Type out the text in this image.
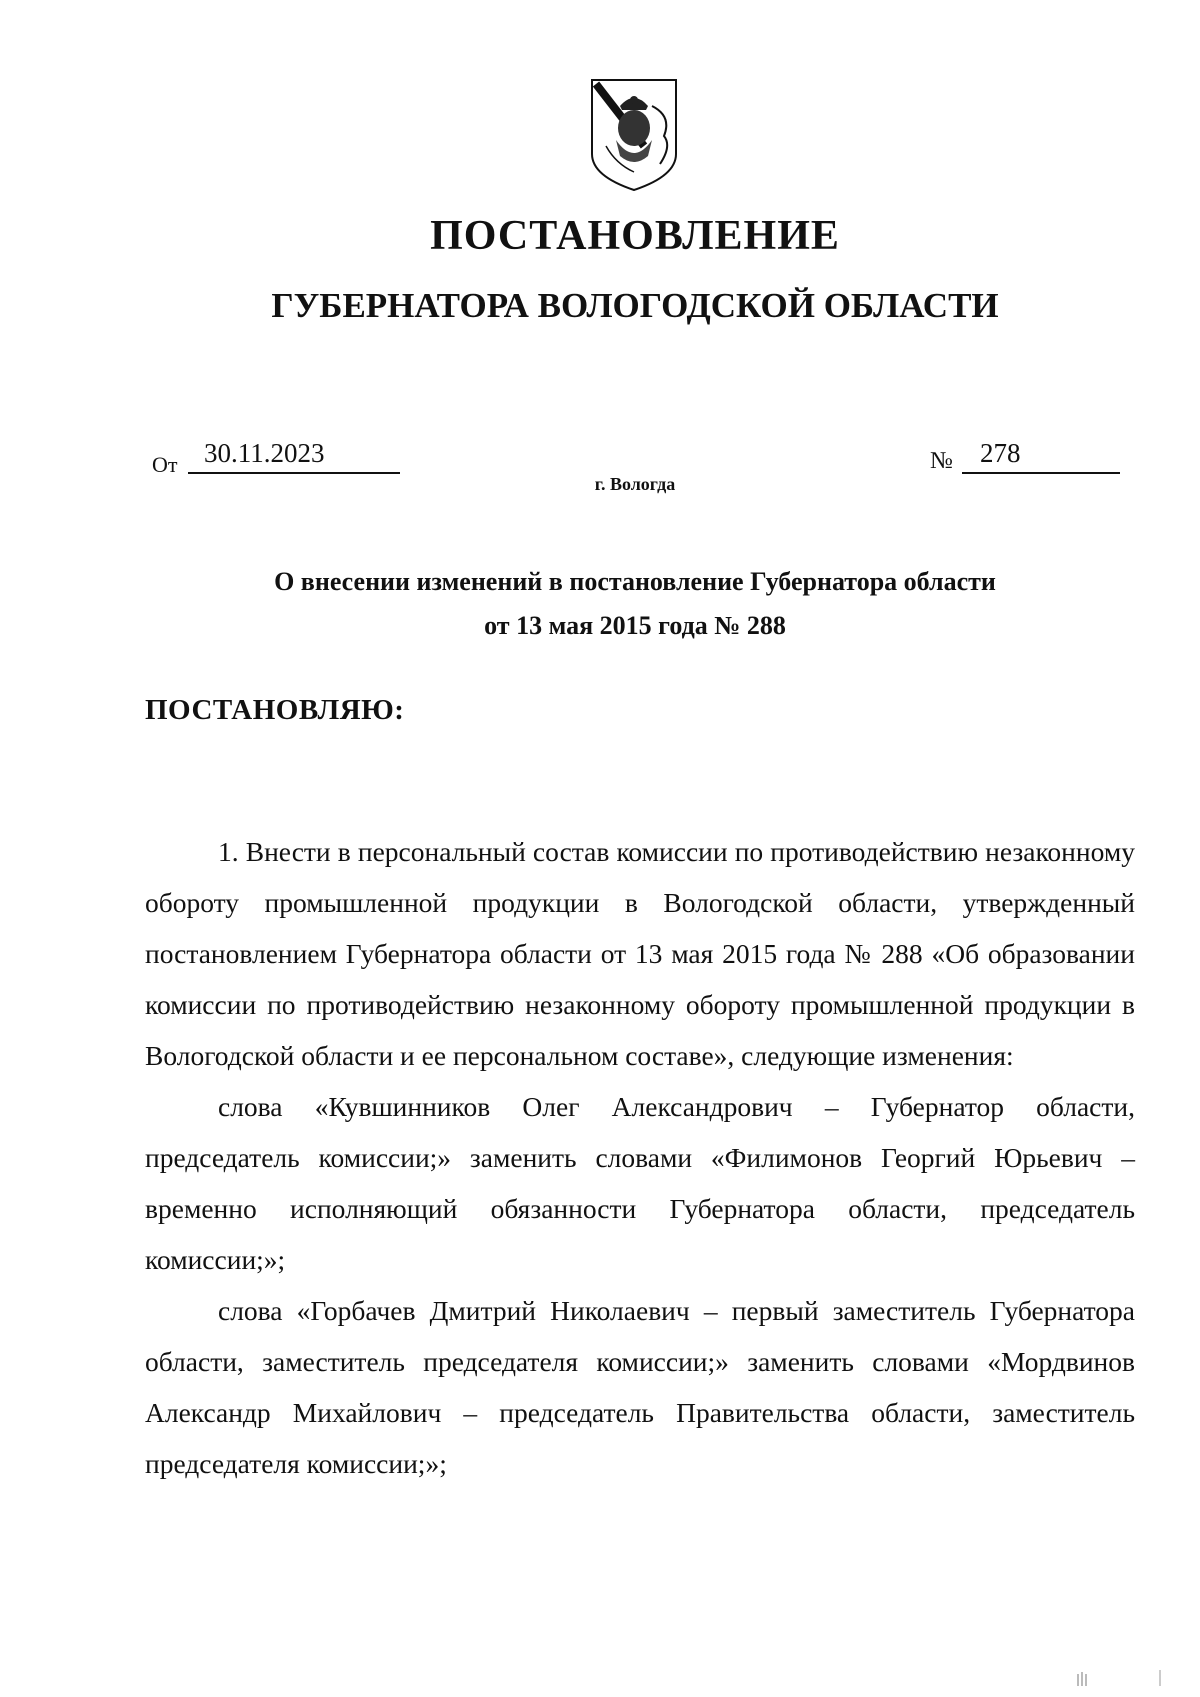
ПОСТАНОВЛЕНИЕ
ГУБЕРНАТОРА ВОЛОГОДСКОЙ ОБЛАСТИ
От 30.11.2023	№	278
г. Вологда
О внесении изменений в постановление Губернатора области
от 13 мая 2015 года № 288
ПОСТАНОВЛЯЮ:

1. Внести в персональный состав комиссии по противодействию незаконному обороту промышленной продукции в Вологодской области, утвержденный постановлением Губернатора области от 13 мая 2015 года № 288 «Об образовании комиссии по противодействию незаконному обороту промышленной продукции в Вологодской области и ее персональном составе», следующие изменения:

слова «Кувшинников Олег Александрович – Губернатор области, председатель комиссии;» заменить словами «Филимонов Георгий Юрьевич – временно исполняющий обязанности Губернатора области, председатель комиссии;»;

слова «Горбачев Дмитрий Николаевич – первый заместитель Губернатора области, заместитель председателя комиссии;» заменить словами «Мордвинов Александр Михайлович – председатель Правительства области, заместитель председателя комиссии;»;
